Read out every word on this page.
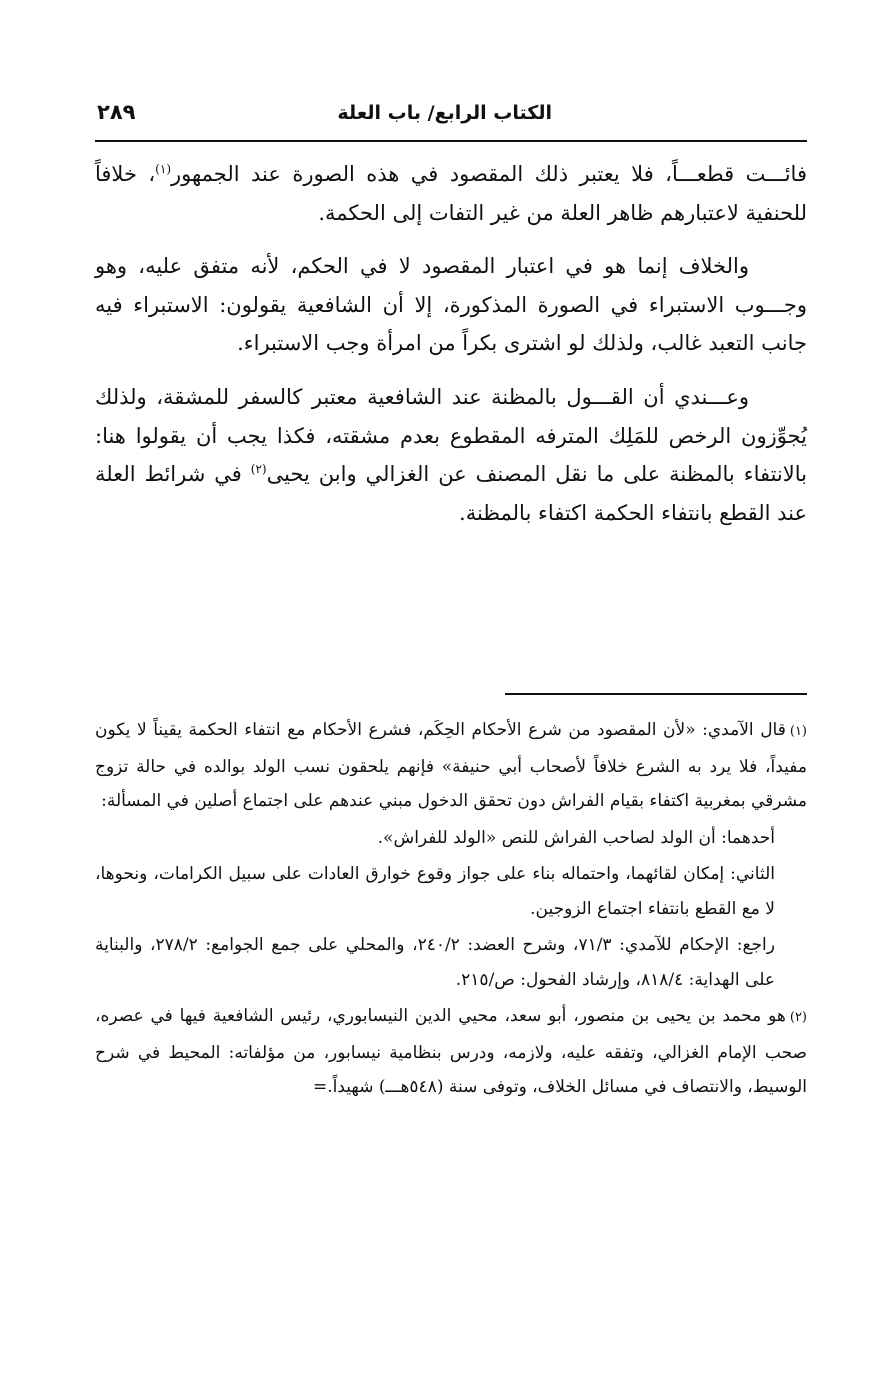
الكتاب الرابع/ باب العلة
٢٨٩

فائـــت قطعـــاً، فلا يعتبر ذلك المقصود في هذه الصورة عند الجمهور$^{(١)}$، خلافاً للحنفية لاعتبارهم ظاهر العلة من غير التفات إلى الحكمة.

والخلاف إنما هو في اعتبار المقصود لا في الحكم، لأنه متفق عليه، وهو وجـــوب الاستبراء في الصورة المذكورة، إلا أن الشافعية يقولون: الاستبراء فيه جانب التعبد غالب، ولذلك لو اشترى بكراً من امرأة وجب الاستبراء.

وعـــندي أن القـــول بالمظنة عند الشافعية معتبر كالسفر للمشقة، ولذلك يُجوِّزون الرخص للمَلِك المترفه المقطوع بعدم مشقته، فكذا يجب أن يقولوا هنا: بالانتفاء بالمظنة على ما نقل المصنف عن الغزالي وابن يحيى$^{(٢)}$ في شرائط العلة عند القطع بانتفاء الحكمة اكتفاء بالمظنة.

(١)قال الآمدي: «لأن المقصود من شرع الأحكام الحِكَم، فشرع الأحكام مع انتفاء الحكمة يقيناً لا يكون مفيداً، فلا يرد به الشرع خلافاً لأصحاب أبي حنيفة» فإنهم يلحقون نسب الولد بوالده في حالة تزوج مشرقي بمغربية اكتفاء بقيام الفراش دون تحقق الدخول مبني عندهم على اجتماع أصلين في المسألة:
أحدهما: أن الولد لصاحب الفراش للنص «الولد للفراش».
الثاني: إمكان لقائهما، واحتماله بناء على جواز وقوع خوارق العادات على سبيل الكرامات، ونحوها، لا مع القطع بانتفاء اجتماع الزوجين.
راجع: الإحكام للآمدي: ٧١/٣، وشرح العضد: ٢٤٠/٢، والمحلي على جمع الجوامع: ٢٧٨/٢، والبناية على الهداية: ٨١٨/٤، وإرشاد الفحول: ص/٢١٥.
(٢)هو محمد بن يحيى بن منصور، أبو سعد، محيي الدين النيسابوري، رئيس الشافعية فيها في عصره، صحب الإمام الغزالي، وتفقه عليه، ولازمه، ودرس بنظامية نيسابور، من مؤلفاته: المحيط في شرح الوسيط، والانتصاف في مسائل الخلاف، وتوفى سنة (٥٤٨هـــ) شهيداً.=
